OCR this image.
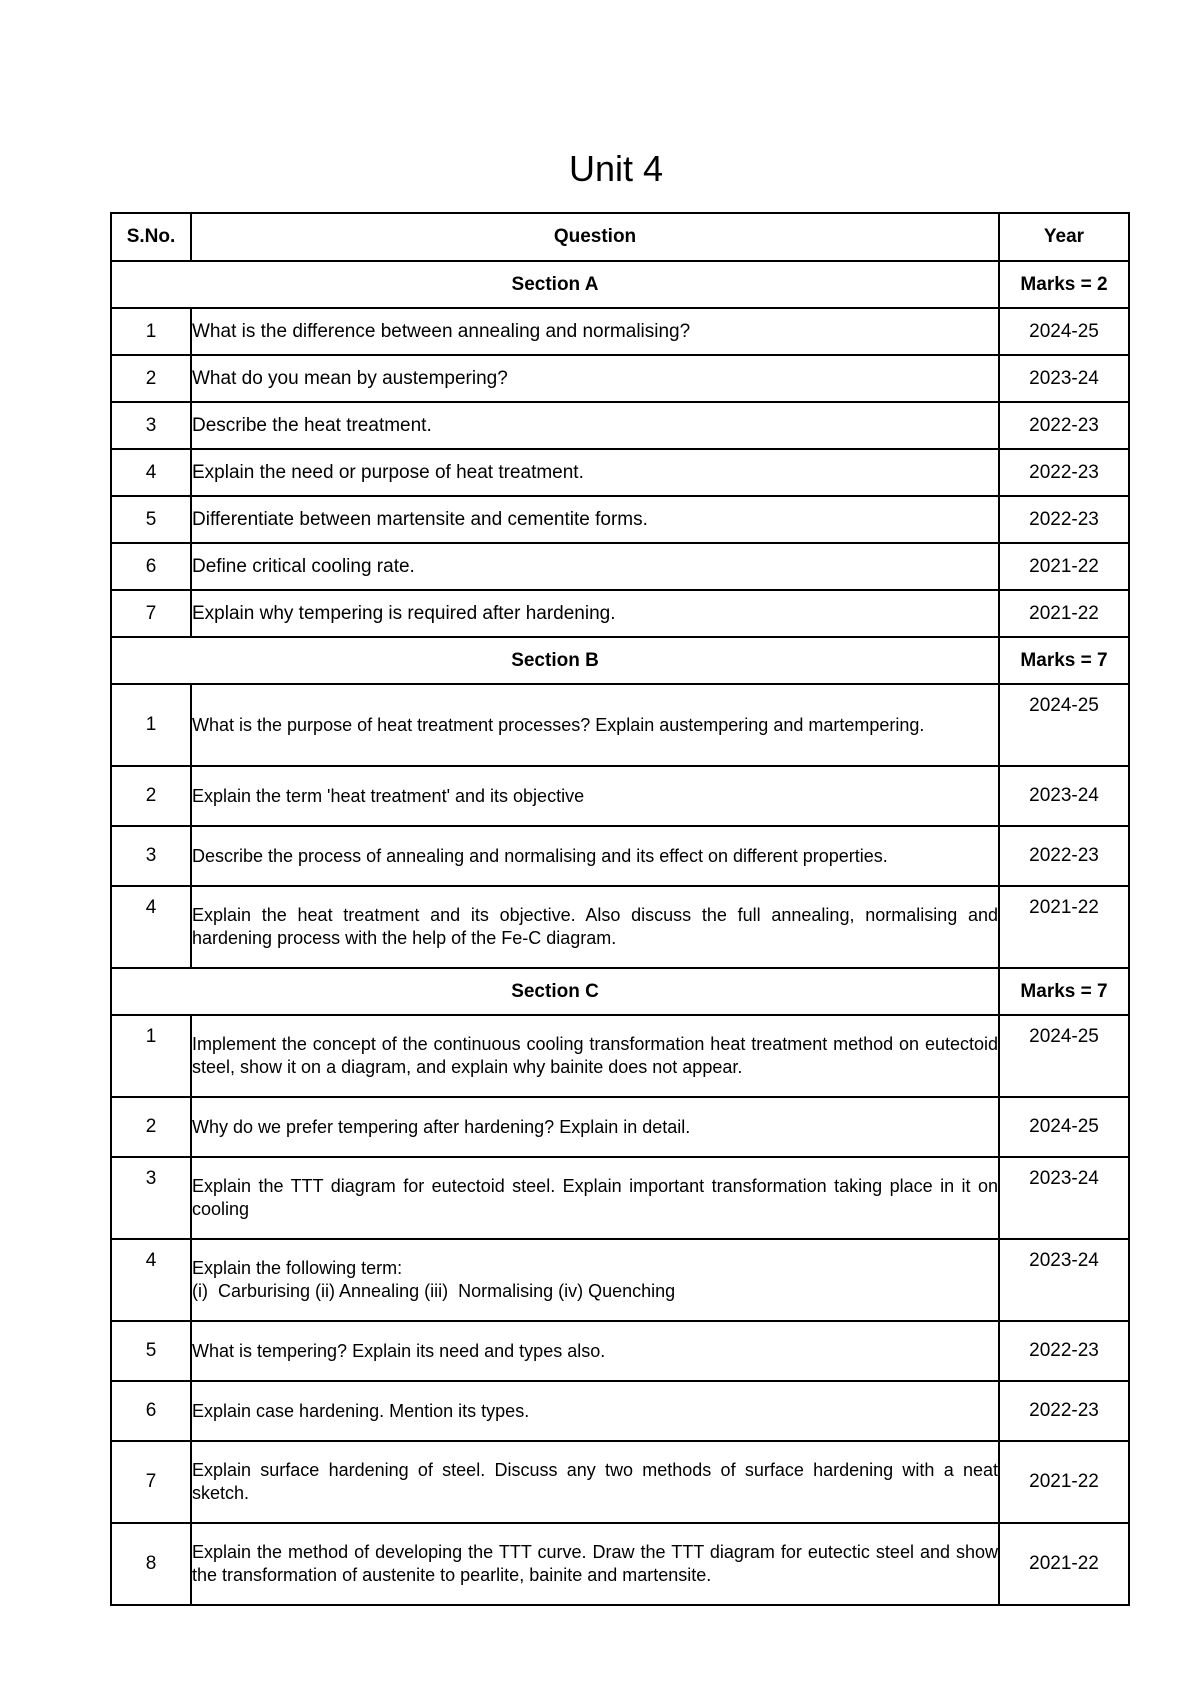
Unit 4
S.No.	Question	Year
Section A		Marks = 2
1	What is the difference between annealing and normalising?	2024-25
2	What do you mean by austempering?	2023-24
3	Describe the heat treatment.	2022-23
4	Explain the need or purpose of heat treatment.	2022-23
5	Differentiate between martensite and cementite forms.	2022-23
6	Define critical cooling rate.	2021-22
7	Explain why tempering is required after hardening.	2021-22
Section B		Marks = 7
1	What is the purpose of heat treatment processes? Explain austempering and martempering.	2024-25
2	Explain the term 'heat treatment' and its objective	2023-24
3	Describe the process of annealing and normalising and its effect on different properties.	2022-23
4	Explain the heat treatment and its objective. Also discuss the full annealing, normalising and hardening process with the help of the Fe-C diagram.	2021-22
Section C		Marks = 7
1	Implement the concept of the continuous cooling transformation heat treatment method on eutectoid steel, show it on a diagram, and explain why bainite does not appear.	2024-25
2	Why do we prefer tempering after hardening? Explain in detail.	2024-25
3	Explain the TTT diagram for eutectoid steel. Explain important transformation taking place in it on cooling	2023-24
4	Explain the following term:
(i)  Carburising (ii) Annealing (iii)  Normalising (iv) Quenching	2023-24
5	What is tempering? Explain its need and types also.	2022-23
6	Explain case hardening. Mention its types.	2022-23
7	Explain surface hardening of steel. Discuss any two methods of surface hardening with a neat sketch.	2021-22
8	Explain the method of developing the TTT curve. Draw the TTT diagram for eutectic steel and show the transformation of austenite to pearlite, bainite and martensite.	2021-22
